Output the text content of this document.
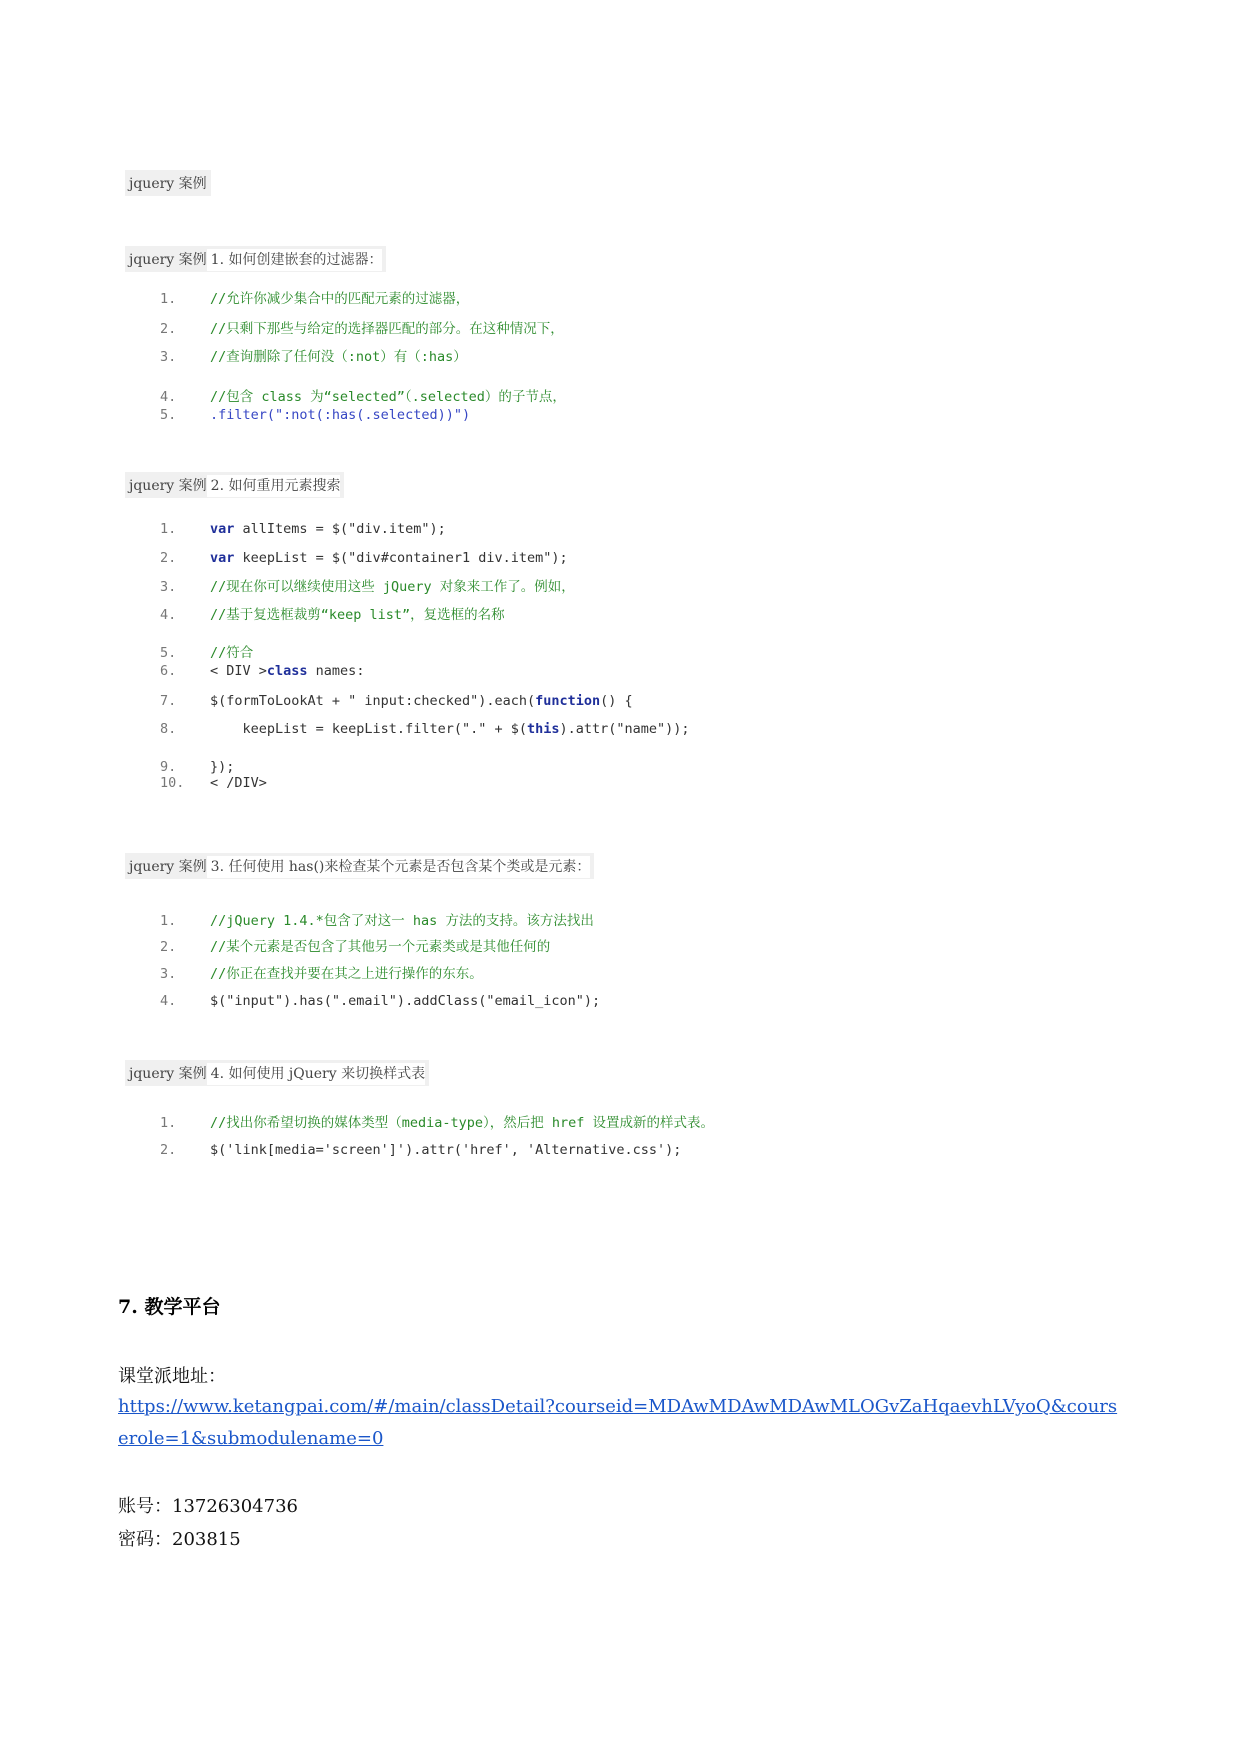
jquery 案例
jquery 案例 1. 如何创建嵌套的过滤器：
1. //允许你减少集合中的匹配元素的过滤器，
2. //只剩下那些与给定的选择器匹配的部分。在这种情况下，
3. //查询删除了任何没（:not）有（:has）
4. //包含 class 为“selected”（.selected）的子节点，
5. .filter(":not(:has(.selected))")
jquery 案例 2. 如何重用元素搜索
1. var allItems = $("div.item");
2. var keepList = $("div#container1 div.item");
3. //现在你可以继续使用这些 jQuery 对象来工作了。例如，
4. //基于复选框裁剪“keep list”，复选框的名称
5. //符合
6. < DIV >class names:
7. $(formToLookAt + " input:checked").each(function() {
8.    keepList = keepList.filter("." + $(this).attr("name"));
9. });
10. < /DIV>
jquery 案例 3. 任何使用 has()来检查某个元素是否包含某个类或是元素：
1. //jQuery 1.4.*包含了对这一 has 方法的支持。该方法找出
2. //某个元素是否包含了其他另一个元素类或是其他任何的
3. //你正在查找并要在其之上进行操作的东东。
4. $("input").has(".email").addClass("email_icon");
jquery 案例 4. 如何使用 jQuery 来切换样式表
1. //找出你希望切换的媒体类型（media-type），然后把 href 设置成新的样式表。
2. $('link[media='screen']').attr('href', 'Alternative.css');
7. 教学平台
课堂派地址：
https://www.ketangpai.com/#/main/classDetail?courseid=MDAwMDAwMDAwMLOGvZaHqaevhLVyoQ&cours
erole=1&submodulename=0
账号：13726304736
密码：203815
